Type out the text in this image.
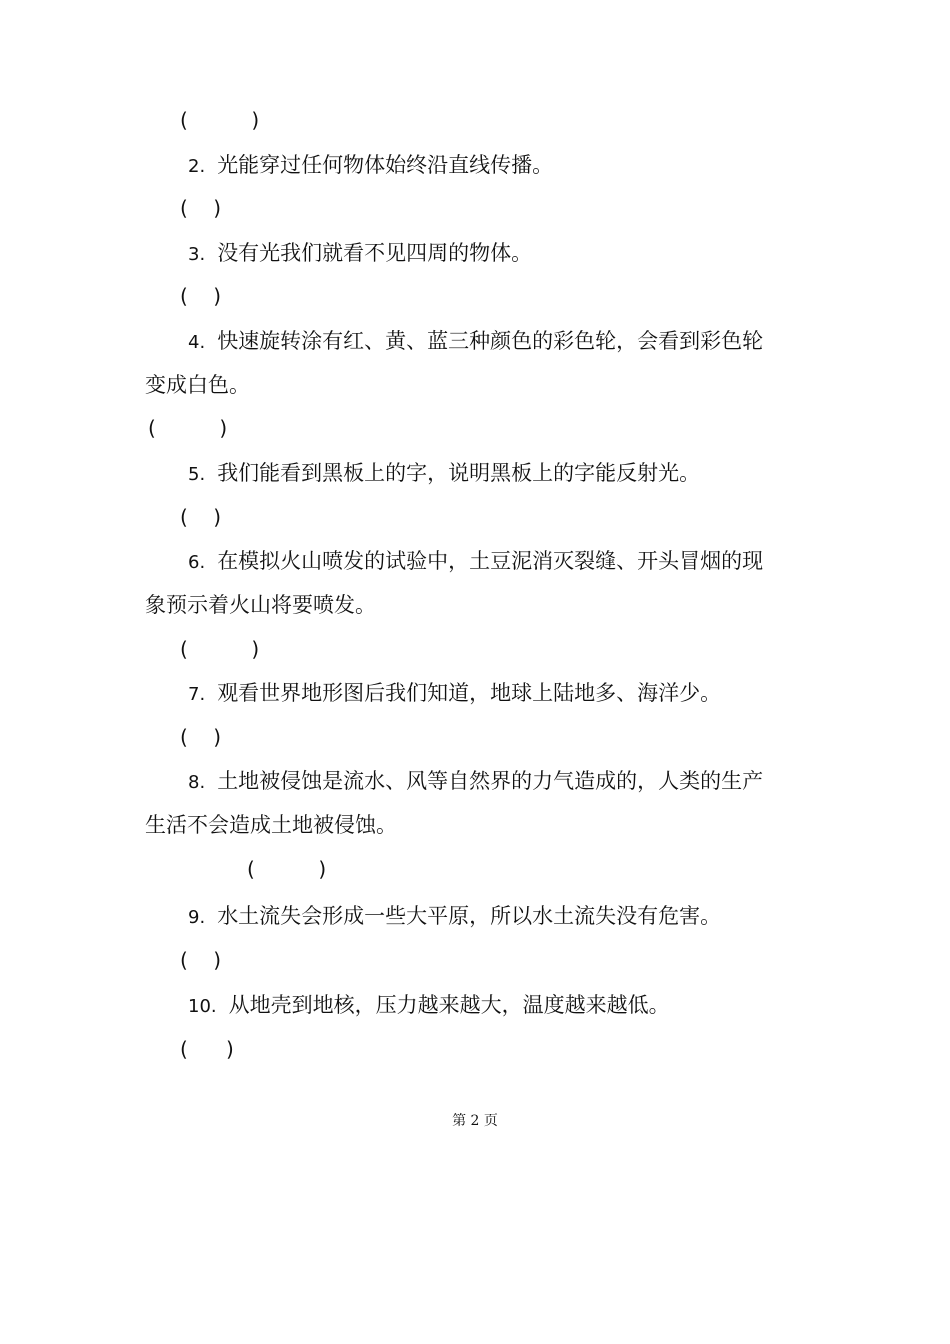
(          )
2. 光能穿过任何物体始终沿直线传播。
(    )
3. 没有光我们就看不见四周的物体。
(    )
4. 快速旋转涂有红、黄、蓝三种颜色的彩色轮，会看到彩色轮
变成白色。
(          )
5. 我们能看到黑板上的字，说明黑板上的字能反射光。
(    )
6. 在模拟火山喷发的试验中，土豆泥消灭裂缝、开头冒烟的现
象预示着火山将要喷发。
(          )
7. 观看世界地形图后我们知道，地球上陆地多、海洋少。
(    )
8. 土地被侵蚀是流水、风等自然界的力气造成的，人类的生产
生活不会造成土地被侵蚀。
(          )
9. 水土流失会形成一些大平原，所以水土流失没有危害。
(    )
10. 从地壳到地核，压力越来越大，温度越来越低。
(      )
第 2 页
